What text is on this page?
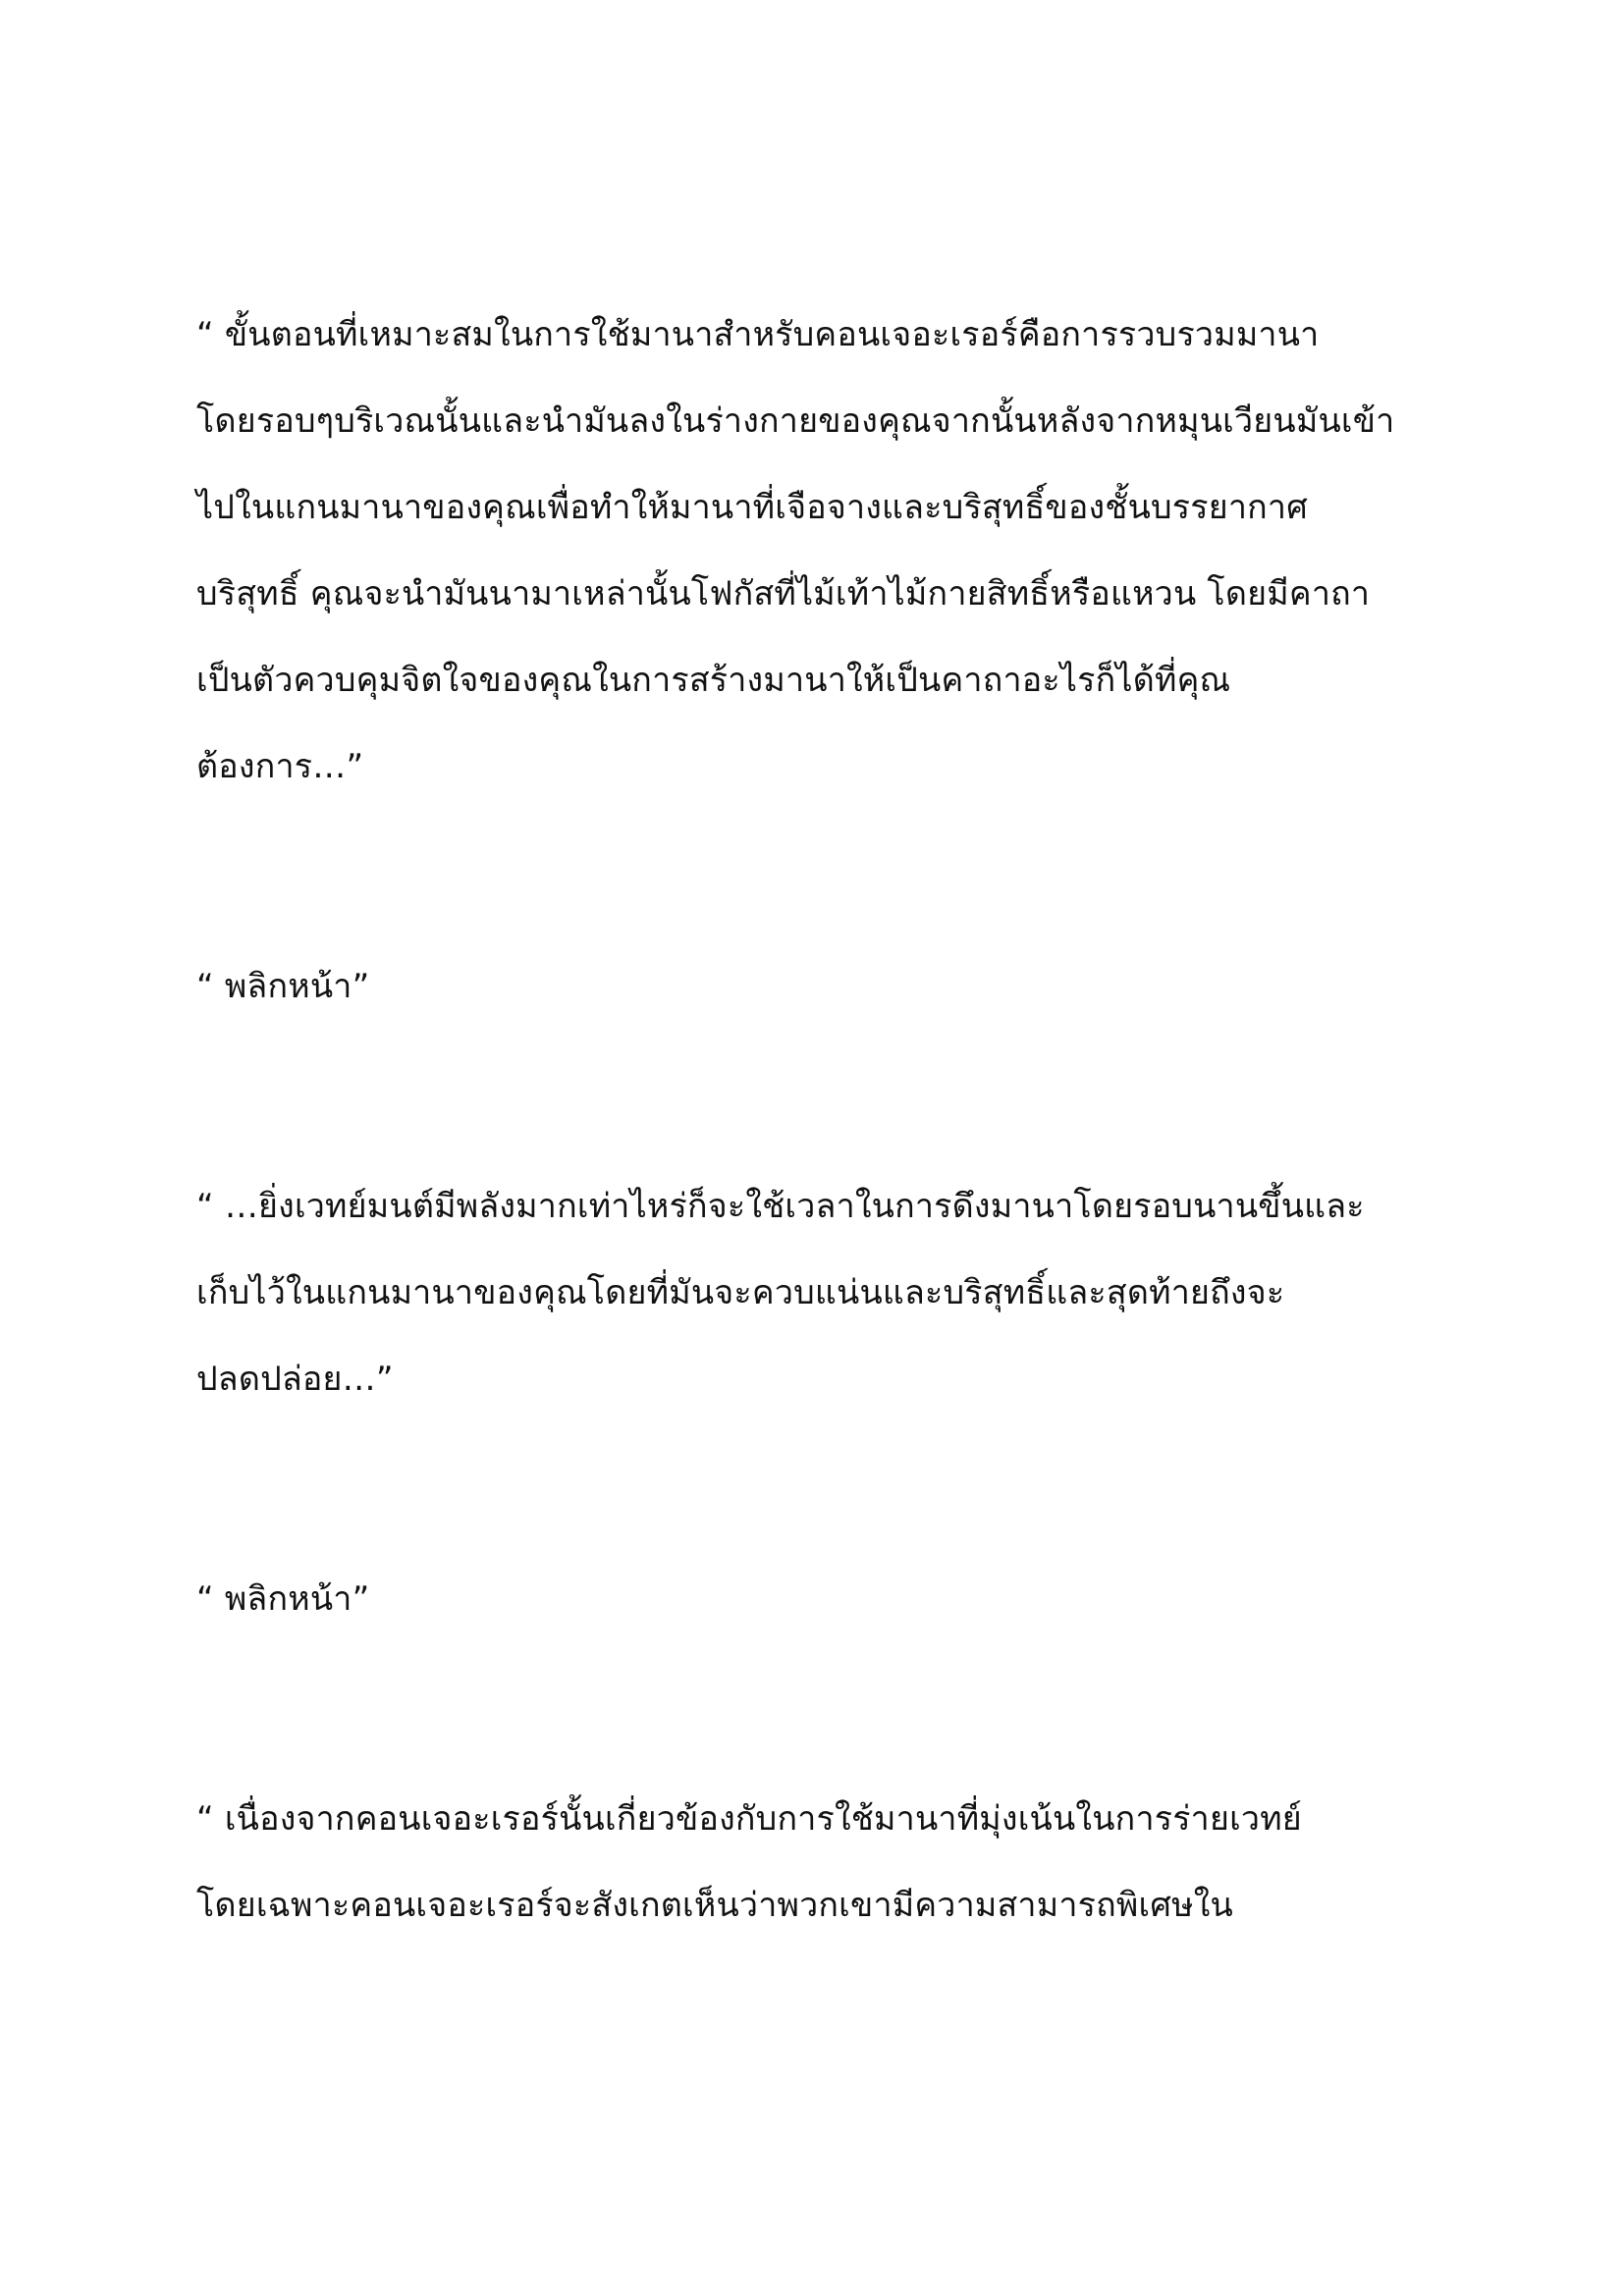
“ ขั้นตอนที่เหมาะสมในการใช้มานาสำหรับคอนเจอะเรอร์คือการรวบรวมมานา
โดยรอบๆบริเวณนั้นและนำมันลงในร่างกายของคุณจากนั้นหลังจากหมุนเวียนมันเข้า
ไปในแกนมานาของคุณเพื่อทำให้มานาที่เจือจางและบริสุทธิ์ของชั้นบรรยากาศ
บริสุทธิ์ คุณจะนำมันนามาเหล่านั้นโฟกัสที่ไม้เท้าไม้กายสิทธิ์หรือแหวน โดยมีคาถา
เป็นตัวควบคุมจิตใจของคุณในการสร้างมานาให้เป็นคาถาอะไรก็ได้ที่คุณ
ต้องการ…”
“ พลิกหน้า”
“ …ยิ่งเวทย์มนต์มีพลังมากเท่าไหร่ก็จะใช้เวลาในการดึงมานาโดยรอบนานขึ้นและ
เก็บไว้ในแกนมานาของคุณโดยที่มันจะควบแน่นและบริสุทธิ์และสุดท้ายถึงจะ
ปลดปล่อย…”
“ พลิกหน้า”
“ เนื่องจากคอนเจอะเรอร์นั้นเกี่ยวข้องกับการใช้มานาที่มุ่งเน้นในการร่ายเวทย์
โดยเฉพาะคอนเจอะเรอร์จะสังเกตเห็นว่าพวกเขามีความสามารถพิเศษใน
